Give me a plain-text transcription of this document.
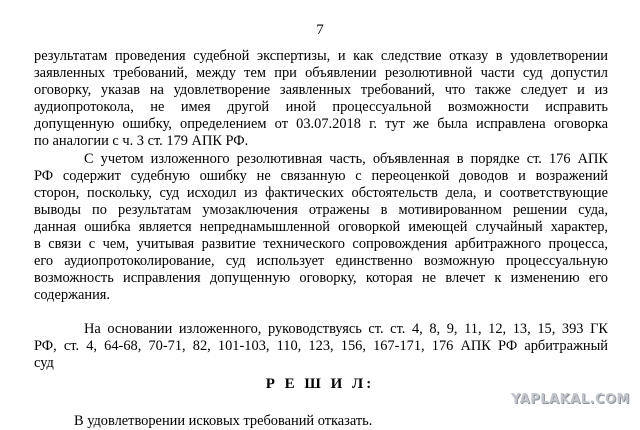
7
результатам проведения судебной экспертизы, и как следствие отказу в удовлетворении
заявленных требований, между тем при объявлении резолютивной части суд допустил
оговорку, указав на удовлетворение заявленных требований, что также следует и из
аудиопротокола, не имея другой иной процессуальной возможности исправить
допущенную ошибку, определением от 03.07.2018 г. тут же была исправлена оговорка
по аналогии с ч. 3 ст. 179 АПК РФ.
С учетом изложенного резолютивная часть, объявленная в порядке ст. 176 АПК
РФ содержит судебную ошибку не связанную с переоценкой доводов и возражений
сторон, поскольку, суд исходил из фактических обстоятельств дела, и соответствующие
выводы по результатам умозаключения отражены в мотивированном решении суда,
данная ошибка является непреднамышленной оговоркой имеющей случайный характер,
в связи с чем, учитывая развитие технического сопровождения арбитражного процесса,
его аудиопротоколирование, суд использует единственно возможную процессуальную
возможность исправления допущенную оговорку, которая не влечет к изменению его
содержания.
На основании изложенного, руководствуясь ст. ст. 4, 8, 9, 11, 12, 13, 15, 393 ГК
РФ, ст. 4, 64-68, 70-71, 82, 101-103, 110, 123, 156, 167-171, 176 АПК РФ арбитражный
суд
Р Е Ш И Л:
В удовлетворении исковых требований отказать.
YAPLAKAL.COM
